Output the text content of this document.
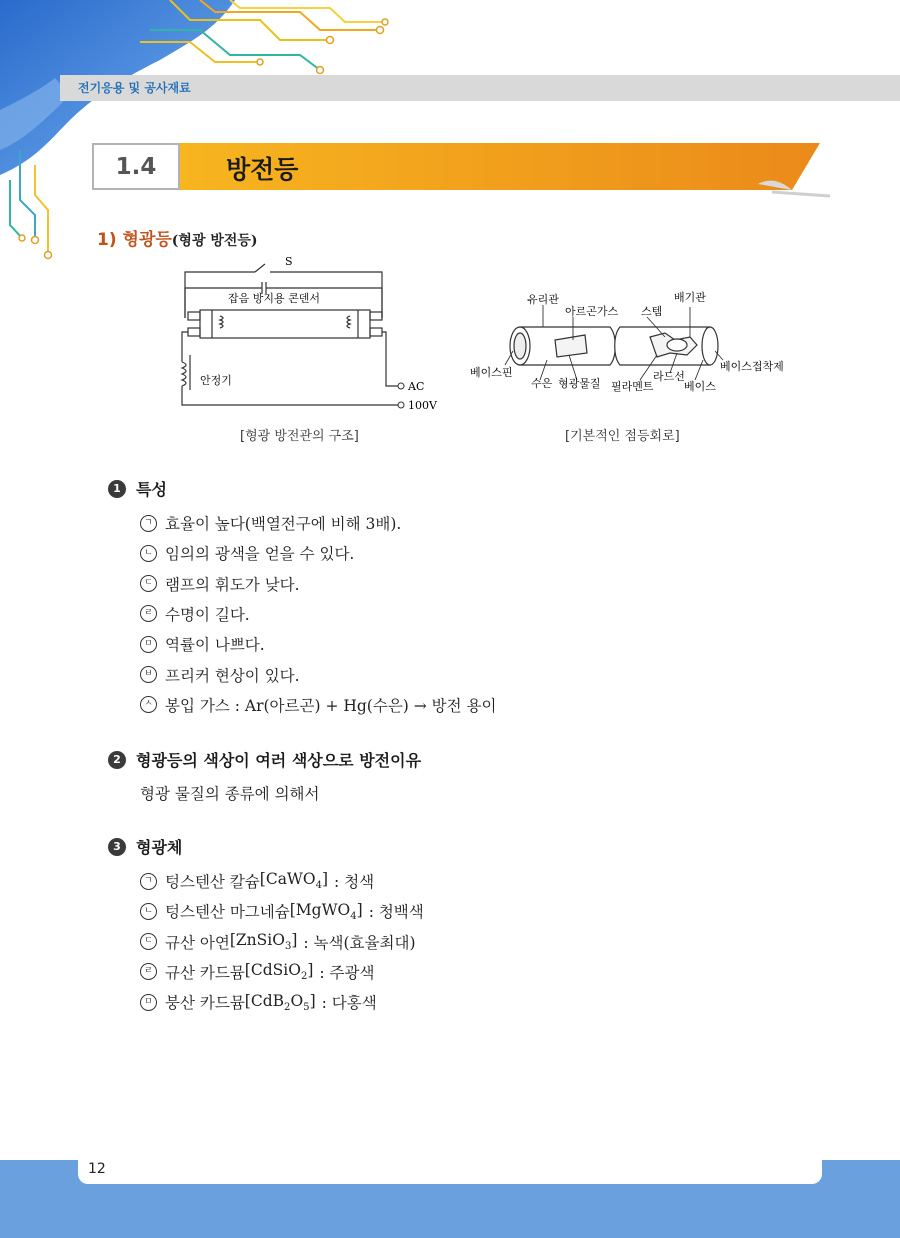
전기응용 및 공사재료
1.4	방전등
1) 형광등(형광 방전등)
S
잡음 방지용 콘덴서
안정기	AC
100V
유리관
아르곤가스 스템
배기관
베이스핀
수은 형광물질 필라멘트
라드선
베이스
베이스접착제
[형광 방전관의 구조]	[기본적인 점등회로]
1 특성
ㄱ 효율이 높다(백열전구에 비해 3배).
ㄴ 임의의 광색을 얻을 수 있다.
ㄷ 램프의 휘도가 낮다.
ㄹ 수명이 길다.
ㅁ 역률이 나쁘다.
ㅂ 프리커 현상이 있다.
ㅅ 봉입 가스 : Ar(아르곤) + Hg(수은) → 방전 용이
2 형광등의 색상이 여러 색상으로 방전이유
형광 물질의 종류에 의해서
3 형광체
ㄱ 텅스텐산 칼슘 [CaWO$_4$] : 청색
ㄴ 텅스텐산 마그네슘 [MgWO$_4$] : 청백색
ㄷ 규산 아연 [ZnSiO$_3$] : 녹색(효율최대)
ㄹ 규산 카드뮴 [CdSiO$_2$] : 주광색
ㅁ 붕산 카드뮴 $[CdB_2O_5]$ : 다홍색
12
